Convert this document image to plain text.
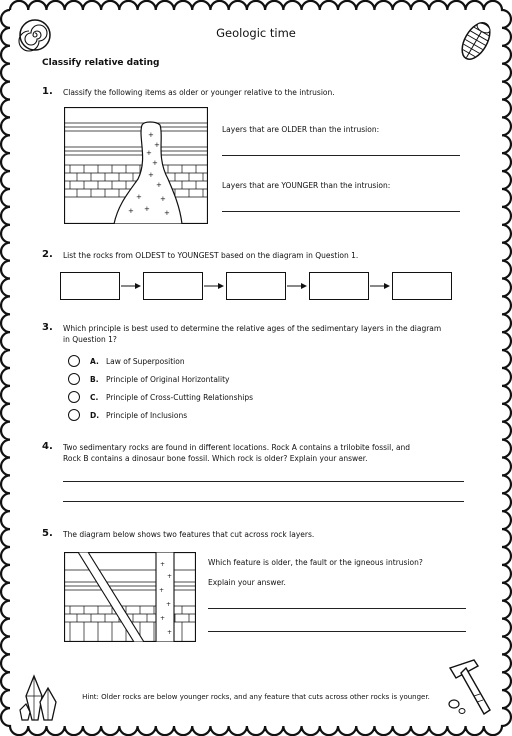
Geologic time
Classify relative dating
1. Classify the following items as older or younger relative to the intrusion.
+
+
+
+
+
+
+	+
+ +
+
Layers that are OLDER than the intrusion:
Layers that are YOUNGER than the intrusion:
2. List the rocks from OLDEST to YOUNGEST based on the diagram in Question 1.
3. Which principle is best used to determine the relative ages of the sedimentary layers in the diagram
in Question 1?
A. Law of Superposition
B. Principle of Original Horizontality
C.	Principle of Cross-Cutting Relationships
D. Principle of Inclusions
4. Two sedimentary rocks are found in different locations. Rock A contains a trilobite fossil, and
Rock B contains a dinosaur bone fossil. Which rock is older? Explain your answer.
5. The diagram below shows two features that cut across rock layers.
+
+
+
+
+
+
Which feature is older, the fault or the igneous intrusion?
Explain your answer.
Hint: Older rocks are below younger rocks, and any feature that cuts across other rocks is younger.
